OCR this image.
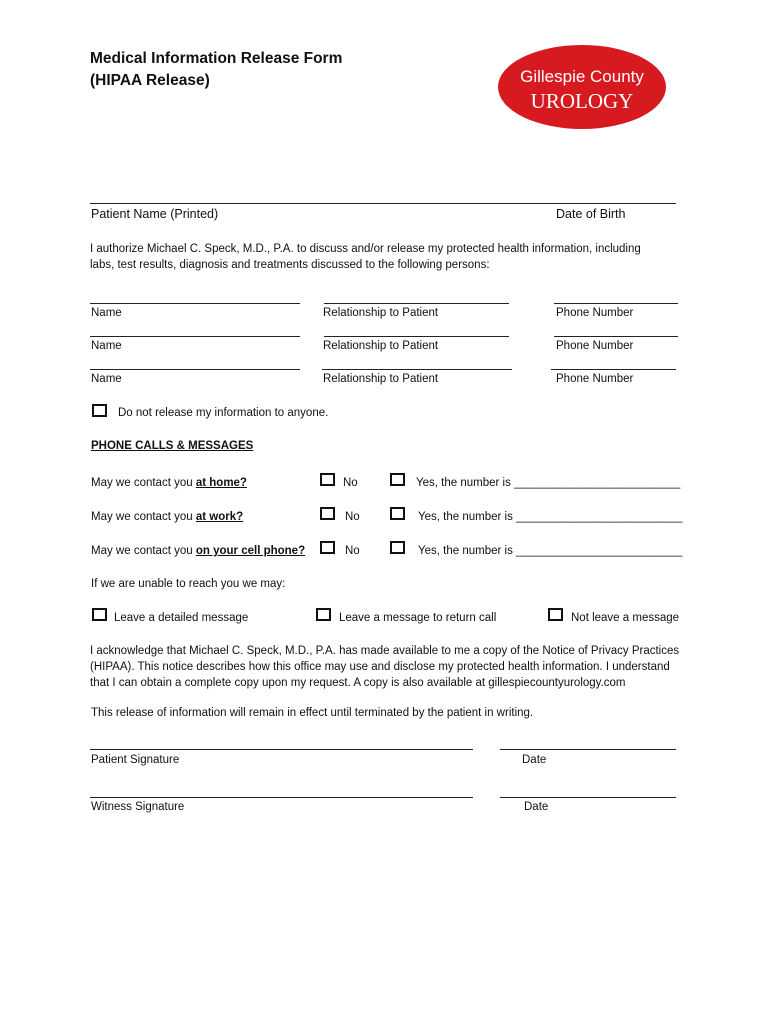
Medical Information Release Form
(HIPAA Release)	Gillespie County
UROLOGY
Patient Name (Printed)	Date of Birth
I authorize Michael C. Speck, M.D., P.A. to discuss and/or release my protected health information, including
labs, test results, diagnosis and treatments discussed to the following persons:
Name	Relationship to Patient	Phone Number
Name	Relationship to Patient	Phone Number
Name	Relationship to Patient	Phone Number
Do not release my information to anyone.
PHONE CALLS & MESSAGES
May we contact you at home?	No	Yes, the number is __________________________
May we contact you at work?	No	Yes, the number is __________________________
May we contact you on your cell phone?	No	Yes, the number is __________________________
If we are unable to reach you we may:
Leave a detailed message	Leave a message to return call	Not leave a message
I acknowledge that Michael C. Speck, M.D., P.A. has made available to me a copy of the Notice of Privacy Practices
(HIPAA). This notice describes how this office may use and disclose my protected health information. I understand
that I can obtain a complete copy upon my request. A copy is also available at gillespiecountyurology.com
This release of information will remain in effect until terminated by the patient in writing.
Patient Signature	Date
Witness Signature	Date
